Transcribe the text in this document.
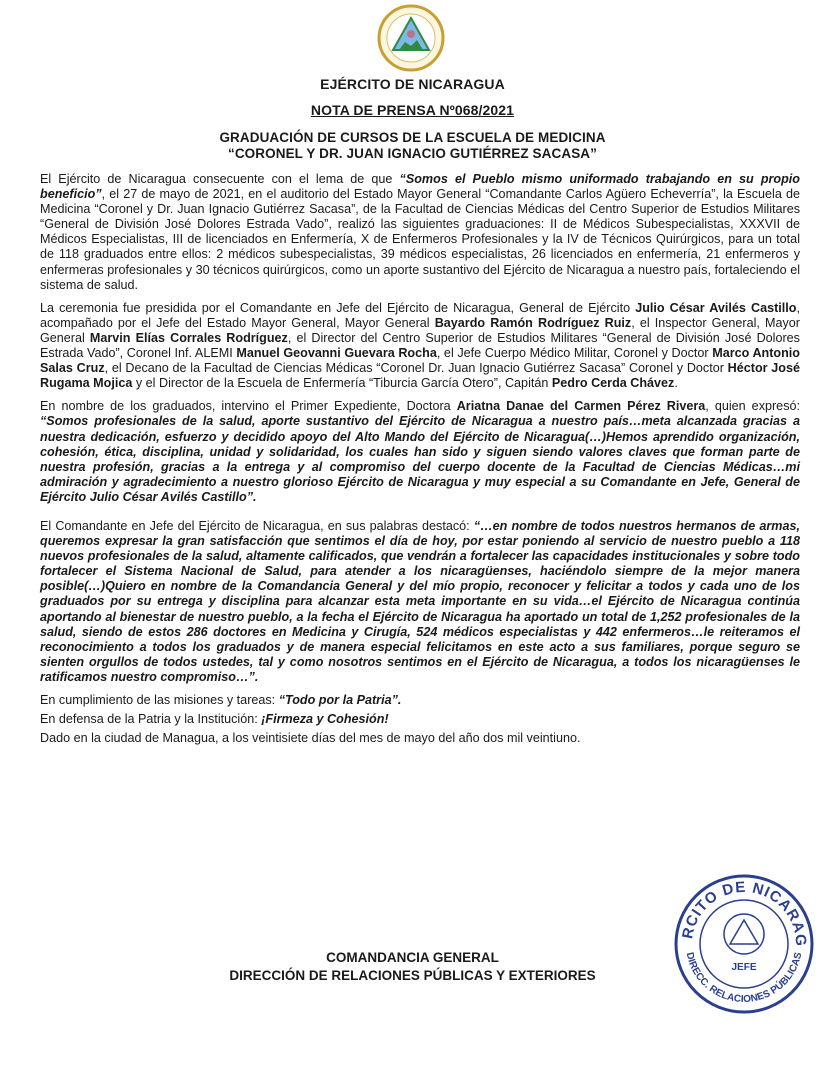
EJÉRCITO DE NICARAGUA
NOTA DE PRENSA Nº068/2021
GRADUACIÓN DE CURSOS DE LA ESCUELA DE MEDICINA
“CORONEL Y DR. JUAN IGNACIO GUTIÉRREZ SACASA”

El Ejército de Nicaragua consecuente con el lema de que “Somos el Pueblo mismo uniformado trabajando en su propio beneficio”, el 27 de mayo de 2021, en el auditorio del Estado Mayor General “Comandante Carlos Agüero Echeverría”, la Escuela de Medicina “Coronel y Dr. Juan Ignacio Gutiérrez Sacasa”, de la Facultad de Ciencias Médicas del Centro Superior de Estudios Militares “General de División José Dolores Estrada Vado”, realizó las siguientes graduaciones: II de Médicos Subespecialistas, XXXVII de Médicos Especialistas, III de licenciados en Enfermería, X de Enfermeros Profesionales y la IV de Técnicos Quirúrgicos, para un total de 118 graduados entre ellos: 2 médicos subespecialistas, 39 médicos especialistas, 26 licenciados en enfermería, 21 enfermeros y enfermeras profesionales y 30 técnicos quirúrgicos, como un aporte sustantivo del Ejército de Nicaragua a nuestro país, fortaleciendo el sistema de salud.

La ceremonia fue presidida por el Comandante en Jefe del Ejército de Nicaragua, General de Ejército Julio César Avilés Castillo, acompañado por el Jefe del Estado Mayor General, Mayor General Bayardo Ramón Rodríguez Ruiz, el Inspector General, Mayor General Marvin Elías Corrales Rodríguez, el Director del Centro Superior de Estudios Militares “General de División José Dolores Estrada Vado”, Coronel Inf. ALEMI Manuel Geovanni Guevara Rocha, el Jefe Cuerpo Médico Militar, Coronel y Doctor Marco Antonio Salas Cruz, el Decano de la Facultad de Ciencias Médicas “Coronel Dr. Juan Ignacio Gutiérrez Sacasa” Coronel y Doctor Héctor José Rugama Mojica y el Director de la Escuela de Enfermería “Tiburcia García Otero”, Capitán Pedro Cerda Chávez.

En nombre de los graduados, intervino el Primer Expediente, Doctora Ariatna Danae del Carmen Pérez Rivera, quien expresó: “Somos profesionales de la salud, aporte sustantivo del Ejército de Nicaragua a nuestro país…meta alcanzada gracias a nuestra dedicación, esfuerzo y decidido apoyo del Alto Mando del Ejército de Nicaragua(…)Hemos aprendido organización, cohesión, ética, disciplina, unidad y solidaridad, los cuales han sido y siguen siendo valores claves que forman parte de nuestra profesión, gracias a la entrega y al compromiso del cuerpo docente de la Facultad de Ciencias Médicas…mi admiración y agradecimiento a nuestro glorioso Ejército de Nicaragua y muy especial a su Comandante en Jefe, General de Ejército Julio César Avilés Castillo”.

El Comandante en Jefe del Ejército de Nicaragua, en sus palabras destacó: “…en nombre de todos nuestros hermanos de armas, queremos expresar la gran satisfacción que sentimos el día de hoy, por estar poniendo al servicio de nuestro pueblo a 118 nuevos profesionales de la salud, altamente calificados, que vendrán a fortalecer las capacidades institucionales y sobre todo fortalecer el Sistema Nacional de Salud, para atender a los nicaragüenses, haciéndolo siempre de la mejor manera posible(…)Quiero en nombre de la Comandancia General y del mío propio, reconocer y felicitar a todos y cada uno de los graduados por su entrega y disciplina para alcanzar esta meta importante en su vida…el Ejército de Nicaragua continúa aportando al bienestar de nuestro pueblo, a la fecha el Ejército de Nicaragua ha aportado un total de 1,252 profesionales de la salud, siendo de estos 286 doctores en Medicina y Cirugía, 524 médicos especialistas y 442 enfermeros…le reiteramos el reconocimiento a todos los graduados y de manera especial felicitamos en este acto a sus familiares, porque seguro se sienten orgullos de todos ustedes, tal y como nosotros sentimos en el Ejército de Nicaragua, a todos los nicaragüenses le ratificamos nuestro compromiso…”.

En cumplimiento de las misiones y tareas: “Todo por la Patria”.

En defensa de la Patria y la Institución: ¡Firmeza y Cohesión!

Dado en la ciudad de Managua, a los veintisiete días del mes de mayo del año dos mil veintiuno.

COMANDANCIA GENERAL
DIRECCIÓN DE RELACIONES PÚBLICAS Y EXTERIORES
RCITO DE NICARAG
DIRECC. RELACIONES PÚBLICAS
JEFE
